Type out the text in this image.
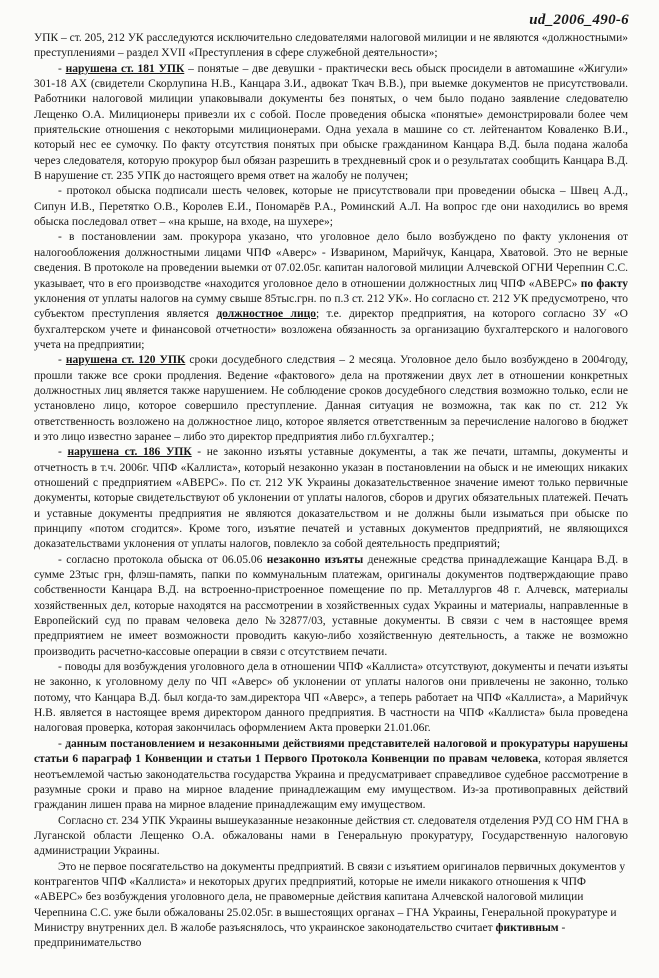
ud_2006_490-6

УПК – ст. 205, 212 УК расследуются исключительно следователями налоговой милиции и не являются «должностными» преступлениями – раздел XVII «Преступления в сфере служебной деятельности»;

- нарушена ст. 181 УПК – понятые – две девушки - практически весь обыск просидели в автомашине «Жигули» 301-18 АХ (свидетели Скорлупина Н.В., Канцара З.И., адвокат Ткач В.В.), при выемке документов не присутствовали. Работники налоговой милиции упаковывали документы без понятых, о чем было подано заявление следователю Лещенко О.А. Милиционеры привезли их с собой. После проведения обыска «понятые» демонстрировали более чем приятельские отношения с некоторыми милиционерами. Одна уехала в машине со ст. лейтенантом Коваленко В.И., который нес ее сумочку. По факту отсутствия понятых при обыске гражданином Канцара В.Д. была подана жалоба через следователя, которую прокурор был обязан разрешить в трехдневный срок и о результатах сообщить Канцара В.Д. В нарушение ст. 235 УПК до настоящего время ответ на жалобу не получен;

- протокол обыска подписали шесть человек, которые не присутствовали при проведении обыска – Швец А.Д., Сипун И.В., Перетятко О.В., Королев Е.И., Пономарёв Р.А., Роминский А.Л. На вопрос где они находились во время обыска последовал ответ – «на крыше, на входе, на шухере»;

- в постановлении зам. прокурора указано, что уголовное дело было возбуждено по факту уклонения от налогообложения должностными лицами ЧПФ «Аверс» - Изварином, Марийчук, Канцара, Хватовой. Это не верные сведения. В протоколе на проведении выемки от 07.02.05г. капитан налоговой милиции Алчевской ОГНИ Черепнин С.С. указывает, что в его производстве «находится уголовное дело в отношении должностных лиц ЧПФ «АВЕРС» по факту уклонения от уплаты налогов на сумму свыше 85тыс.грн. по п.3 ст. 212 УК». Но согласно ст. 212 УК предусмотрено, что субъектом преступления является должностное лицо; т.е. директор предприятия, на которого согласно ЗУ «О бухгалтерском учете и финансовой отчетности» возложена обязанность за организацию бухгалтерского и налогового учета на предприятии;

- нарушена ст. 120 УПК сроки досудебного следствия – 2 месяца. Уголовное дело было возбуждено в 2004году, прошли также все сроки продления. Ведение «фактового» дела на протяжении двух лет в отношении конкретных должностных лиц является также нарушением. Не соблюдение сроков досудебного следствия возможно только, если не установлено лицо, которое совершило преступление. Данная ситуация не возможна, так как по ст. 212 Ук ответственность возложено на должностное лицо, которое является ответственным за перечисление налогово в бюджет и это лицо известно заранее – либо это директор предприятия либо гл.бухгалтер.;

- нарушена ст. 186 УПК - не законно изъяты уставные документы, а так же печати, штампы, документы и отчетность в т.ч. 2006г. ЧПФ «Каллиста», который незаконно указан в постановлении на обыск и не имеющих никаких отношений с предприятием «АВЕРС». По ст. 212 УК Украины доказательственное значение имеют только первичные документы, которые свидетельствуют об уклонении от уплаты налогов, сборов и других обязательных платежей. Печать и уставные документы предприятия не являются доказательством и не должны были изыматься при обыске по принципу «потом сгодится». Кроме того, изъятие печатей и уставных документов предприятий, не являющихся доказательствами уклонения от уплаты налогов, повлекло за собой деятельность предприятий;

- согласно протокола обыска от 06.05.06 незаконно изъяты денежные средства принадлежащие Канцара В.Д. в сумме 23тыс грн, флэш-память, папки по коммунальным платежам, оригиналы документов подтверждающие право собственности Канцара В.Д. на встроенно-пристроенное помещение по пр. Металлургов 48 г. Алчевск, материалы хозяйственных дел, которые находятся на рассмотрении в хозяйственных судах Украины и материалы, направленные в Европейский суд по правам человека дело №32877/03, уставные документы. В связи с чем в настоящее время предприятием не имеет возможности проводить какую-либо хозяйственную деятельность, а также не возможно производить расчетно-кассовые операции в связи с отсутствием печати.

- поводы для возбуждения уголовного дела в отношении ЧПФ «Каллиста» отсутствуют, документы и печати изъяты не законно, к уголовному делу по ЧП «Аверс» об уклонении от уплаты налогов они привлечены не законно, только потому, что Канцара В.Д. был когда-то зам.директора ЧП «Аверс», а теперь работает на ЧПФ «Каллиста», а Марийчук Н.В. является в настоящее время директором данного предприятия. В частности на ЧПФ «Каллиста» была проведена налоговая проверка, которая закончилась оформлением Акта проверки 21.01.06г.

- данным постановлением и незаконными действиями представителей налоговой и прокуратуры нарушены статьи 6 параграф 1 Конвенции и статьи 1 Первого Протокола Конвенции по правам человека, которая является неотъемлемой частью законодательства государства Украина и предусматривает справедливое судебное рассмотрение в разумные сроки и право на мирное владение принадлежащим ему имуществом. Из-за противоправных действий гражданин лишен права на мирное владение принадлежащим ему имуществом.

Согласно ст. 234 УПК Украины вышеуказанные незаконные действия ст. следователя отделения РУД СО НМ ГНА в Луганской области Лещенко О.А. обжалованы нами в Генеральную прокуратуру, Государственную налоговую администрации Украины.

Это не первое посягательство на документы предприятий. В связи с изъятием оригиналов первичных документов у контрагентов ЧПФ «Каллиста» и некоторых других предприятий, которые не имели никакого отношения к ЧПФ «АВЕРС» без возбуждения уголовного дела, не правомерные действия капитана Алчевской налоговой милиции Черепнина С.С. уже были обжалованы 25.02.05г. в вышестоящих органах – ГНА Украины, Генеральной прокуратуре и Министру внутренних дел. В жалобе разъяснялось, что украинское законодательство считает фиктивным - предпринимательство
